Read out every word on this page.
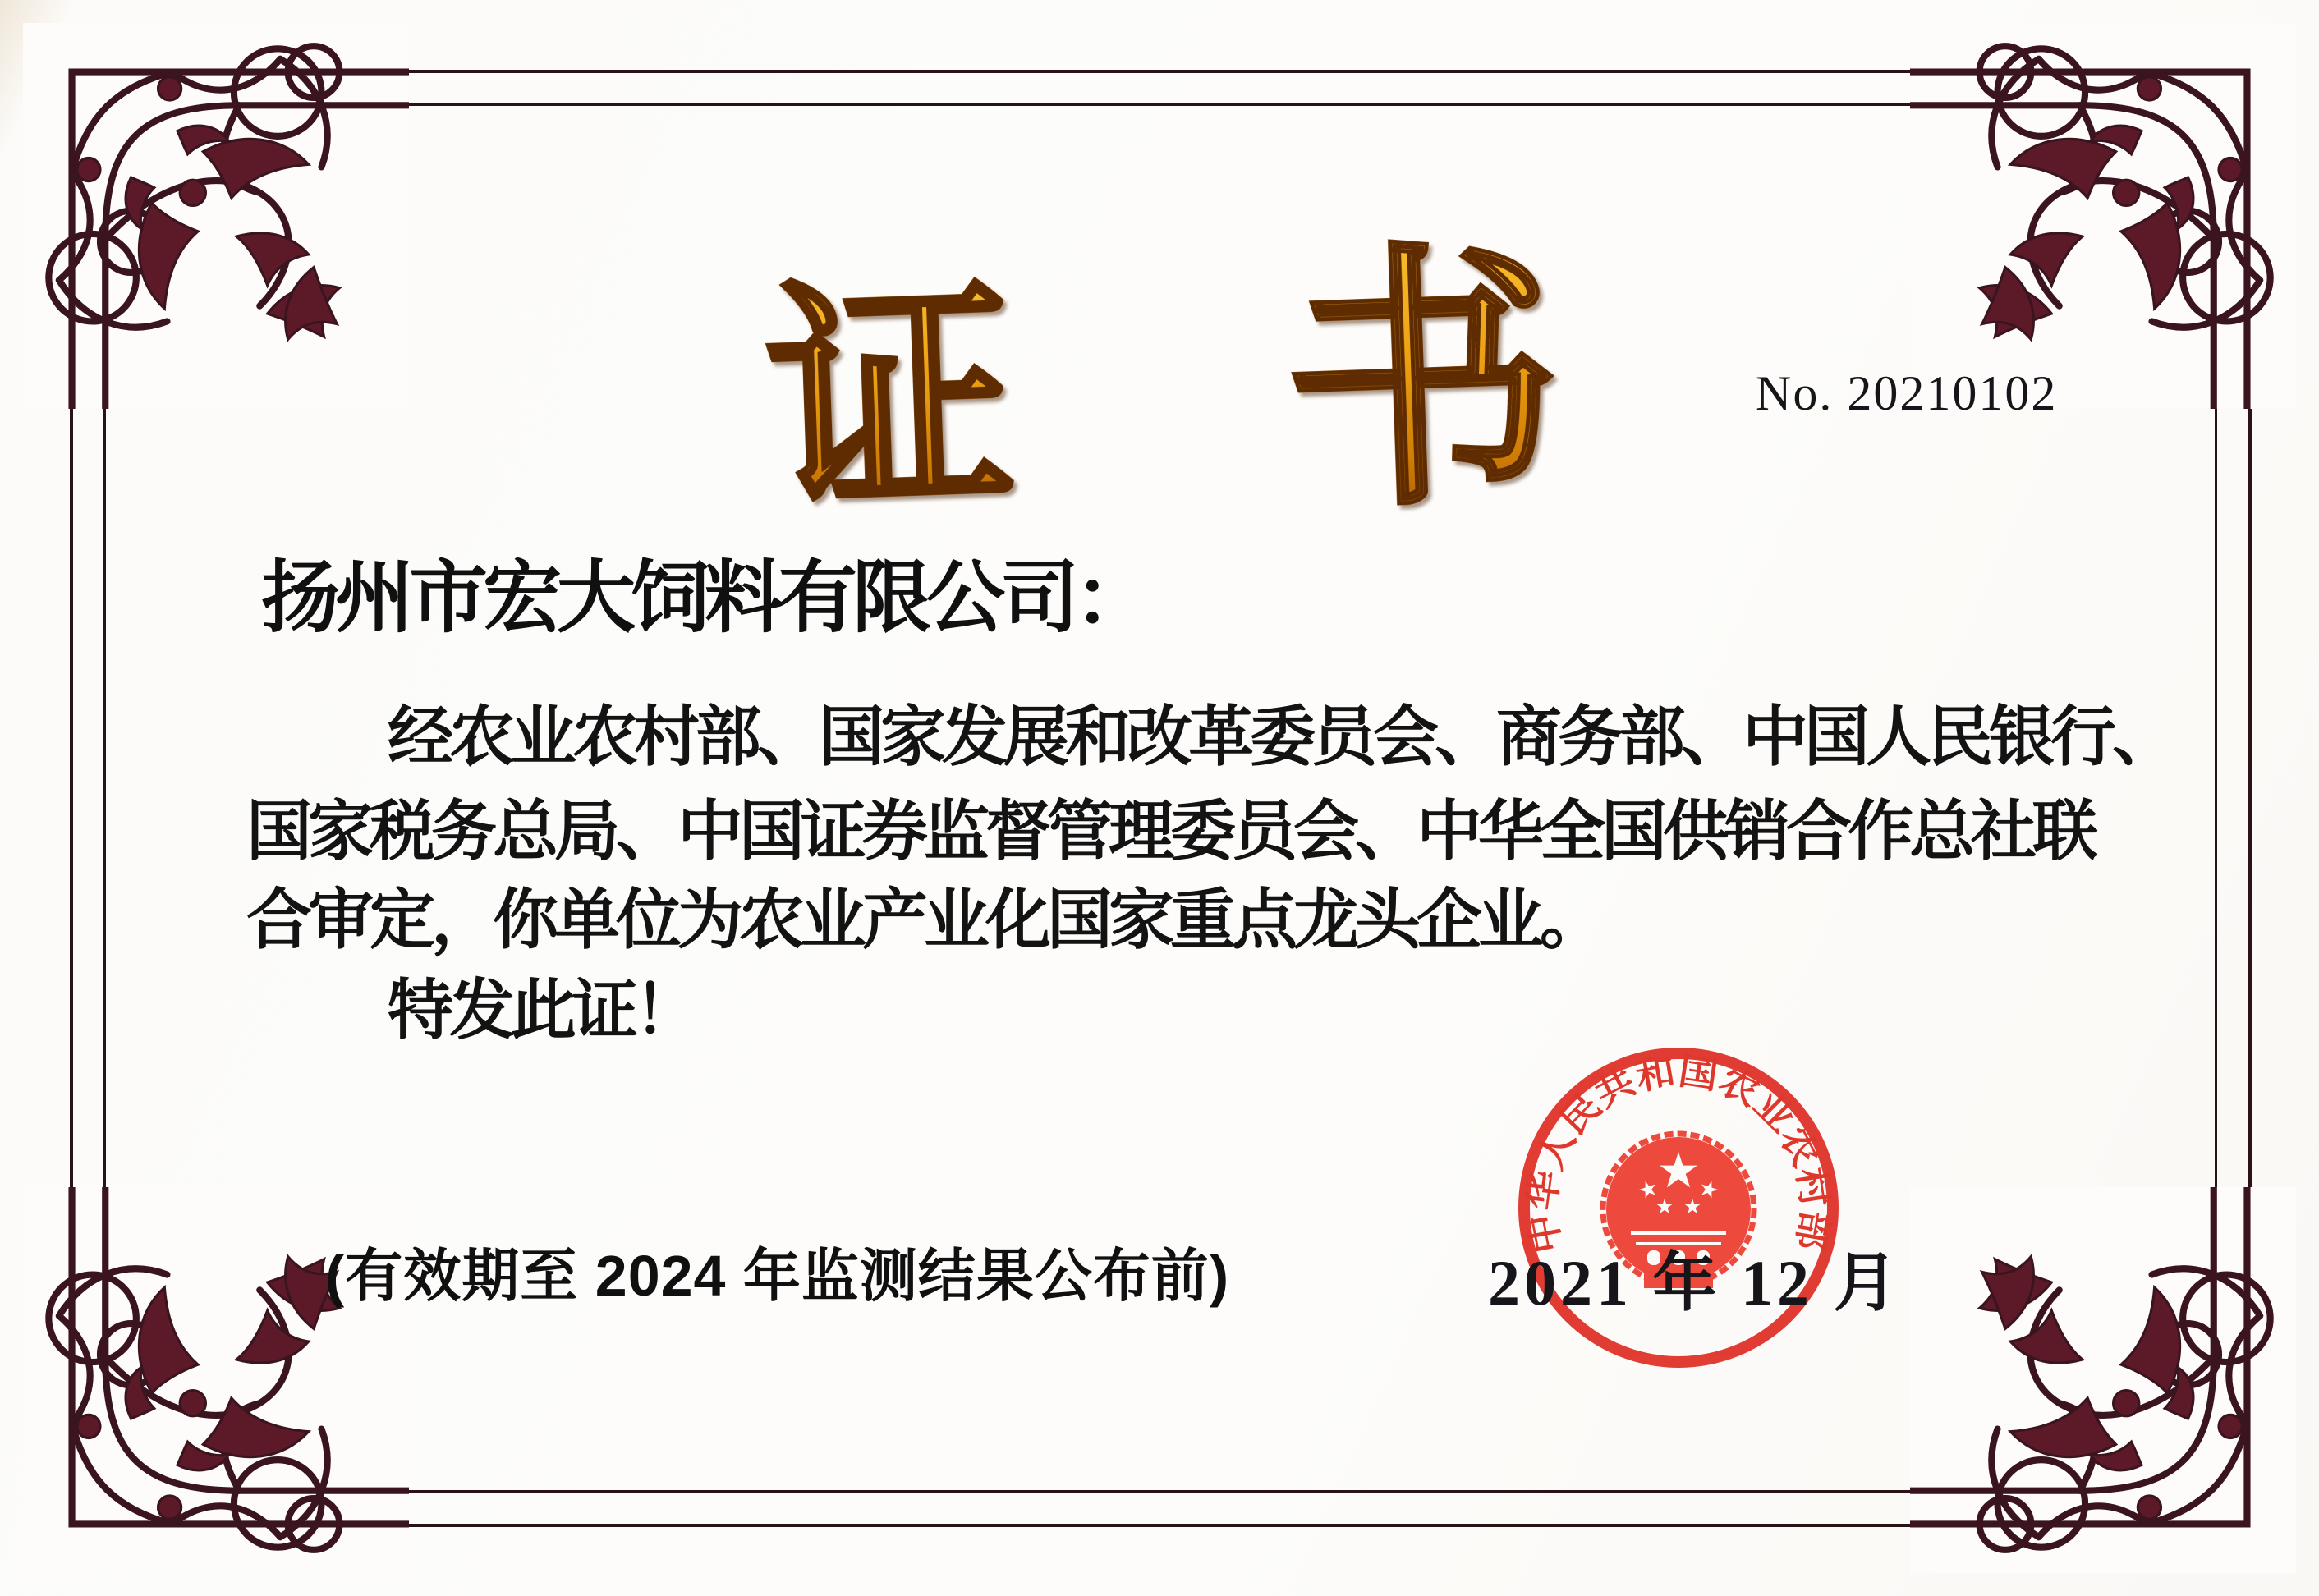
证 书	No. 20210102
扬州市宏大饲料有限公司：
经农业农村部、国家发展和改革委员会、商务部、中国人民银行、
国家税务总局、中国证券监督管理委员会、中华全国供销合作总社联
合审定，你单位为农业产业化国家重点龙头企业。
特发此证！
(有效期至 2024 年监测结果公布前)
中华人民共和国农业农村部
2021 年 12 月
